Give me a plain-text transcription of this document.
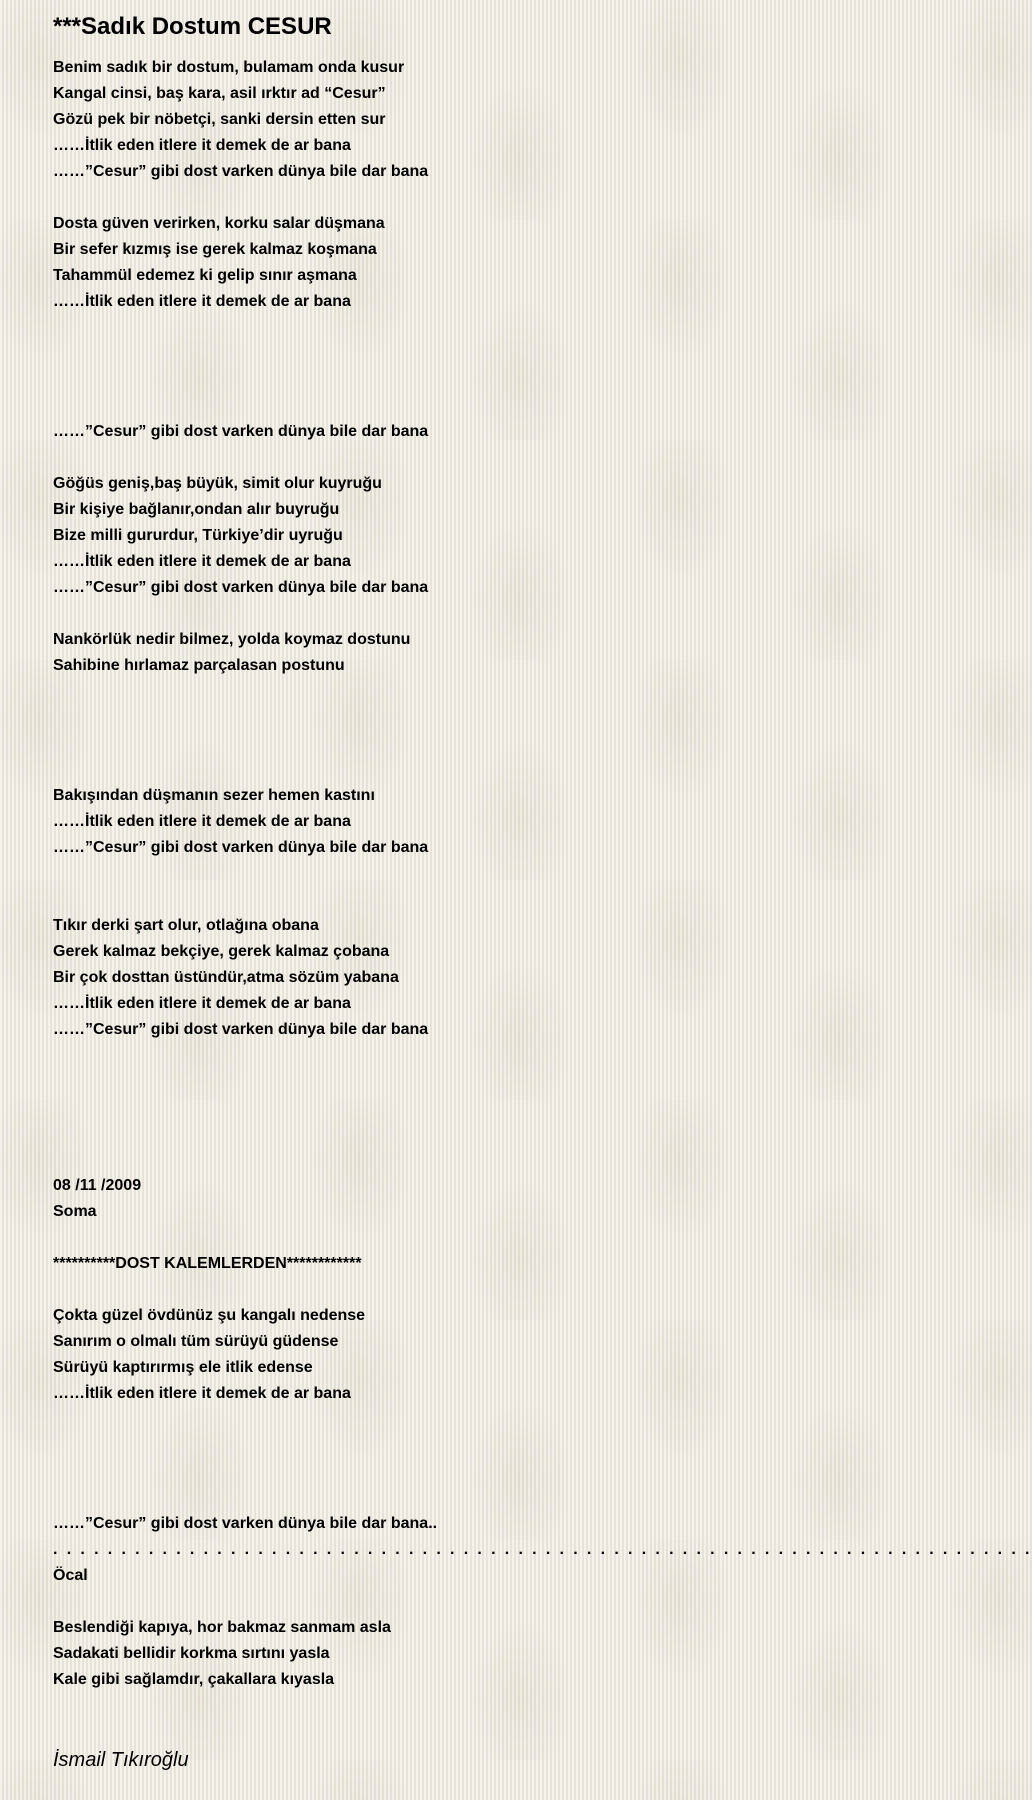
***Sadık Dostum CESUR
Benim sadık bir dostum, bulamam onda kusur
Kangal cinsi, baş kara, asil ırktır ad “Cesur”
Gözü pek bir nöbetçi, sanki dersin etten sur
……İtlik eden itlere it demek de ar bana
……”Cesur” gibi dost varken dünya bile dar bana
Dosta güven verirken, korku salar düşmana
Bir sefer kızmış ise gerek kalmaz koşmana
Tahammül edemez ki gelip sınır aşmana
……İtlik eden itlere it demek de ar bana
……”Cesur” gibi dost varken dünya bile dar bana
Göğüs geniş,baş büyük, simit olur kuyruğu
Bir kişiye bağlanır,ondan alır buyruğu
Bize milli gururdur, Türkiye’dir uyruğu
……İtlik eden itlere it demek de ar bana
……”Cesur” gibi dost varken dünya bile dar bana
Nankörlük nedir bilmez, yolda koymaz dostunu
Sahibine hırlamaz parçalasan postunu
Bakışından düşmanın sezer hemen kastını
……İtlik eden itlere it demek de ar bana
……”Cesur” gibi dost varken dünya bile dar bana
Tıkır derki şart olur, otlağına obana
Gerek kalmaz bekçiye, gerek kalmaz çobana
Bir çok dosttan üstündür,atma sözüm yabana
……İtlik eden itlere it demek de ar bana
……”Cesur” gibi dost varken dünya bile dar bana
08 /11 /2009
Soma
**********DOST KALEMLERDEN************
Çokta güzel övdünüz şu kangalı nedense
Sanırım o olmalı tüm sürüyü güdense
Sürüyü kaptırırmış ele itlik edense
……İtlik eden itlere it demek de ar bana
……”Cesur” gibi dost varken dünya bile dar bana..
. . . . . . . . . . . . . . . . . . . . . . . . . . . . . . . . . . . . . . . . . . . . . . . . . . . . . . . . . . . . . . . . . . . . . . . .
Öcal
Beslendiği kapıya, hor bakmaz sanmam asla
Sadakati bellidir korkma sırtını yasla
Kale gibi sağlamdır, çakallara kıyasla
İsmail Tıkıroğlu
